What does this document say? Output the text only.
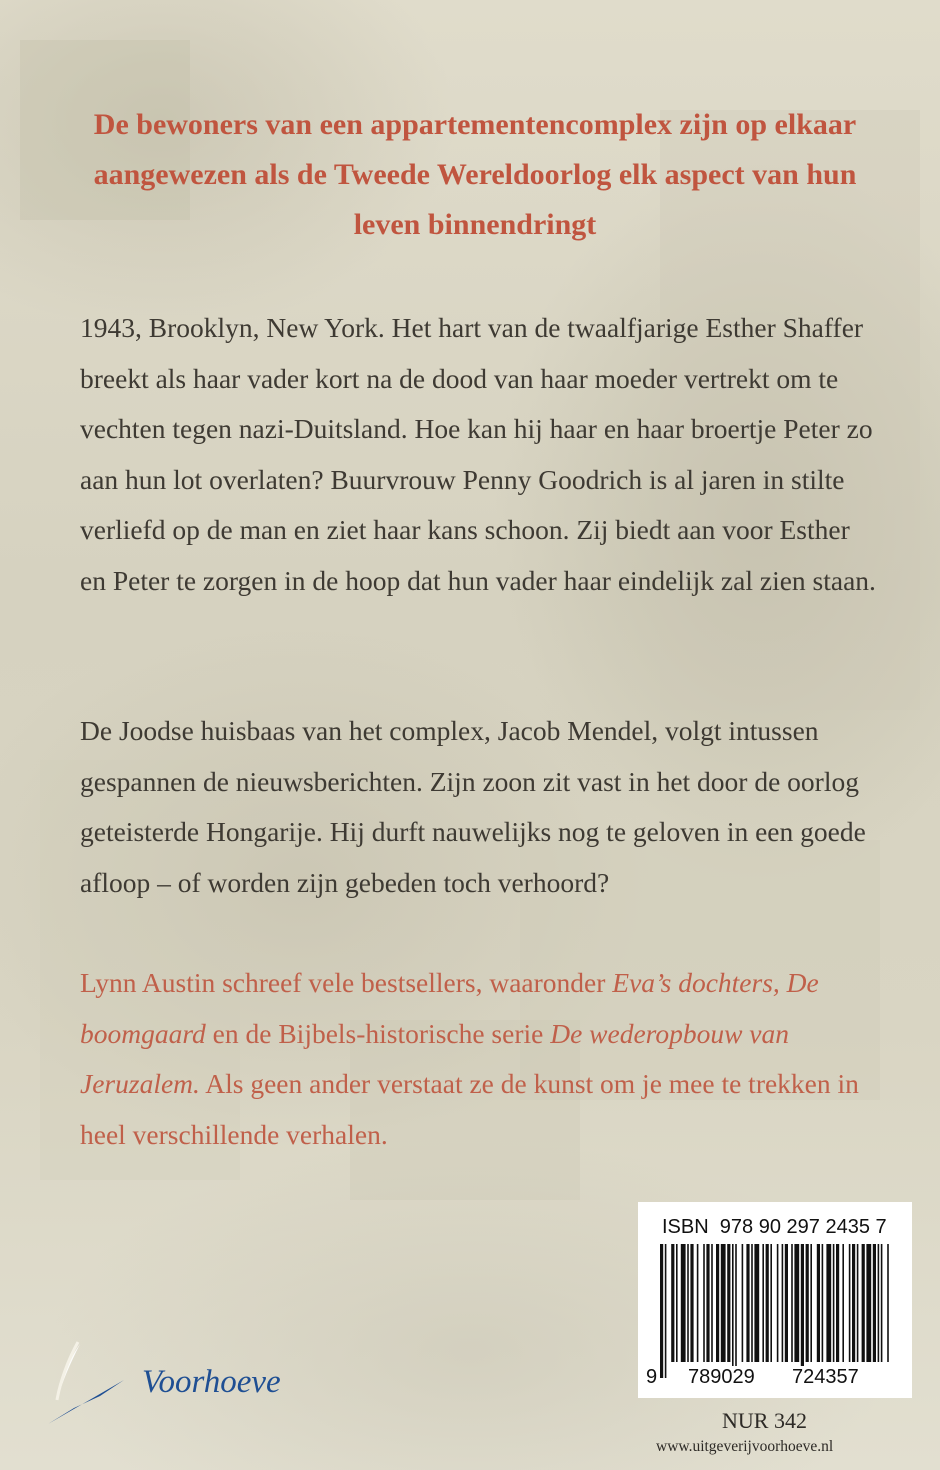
De bewoners van een appartementencomplex zijn op elkaar aangewezen als de Tweede Wereldoorlog elk aspect van hun leven binnendringt

1943, Brooklyn, New York. Het hart van de twaalfjarige Esther Shaffer breekt als haar vader kort na de dood van haar moeder vertrekt om te vechten tegen nazi-Duitsland. Hoe kan hij haar en haar broertje Peter zo aan hun lot overlaten? Buurvrouw Penny Goodrich is al jaren in stilte verliefd op de man en ziet haar kans schoon. Zij biedt aan voor Esther en Peter te zorgen in de hoop dat hun vader haar eindelijk zal zien staan.

De Joodse huisbaas van het complex, Jacob Mendel, volgt intussen gespannen de nieuwsberichten. Zijn zoon zit vast in het door de oorlog geteisterde Hongarije. Hij durft nauwelijks nog te geloven in een goede afloop – of worden zijn gebeden toch verhoord?

Lynn Austin schreef vele bestsellers, waaronder Eva’s dochters, De boomgaard en de Bijbels-historische serie De wederopbouw van Jeruzalem. Als geen ander verstaat ze de kunst om je mee te trekken in heel verschillende verhalen.

ISBN  978 90 297 2435 7

9 789029 724357

NUR 342

www.uitgeverijvoorhoeve.nl

Voorhoeve
